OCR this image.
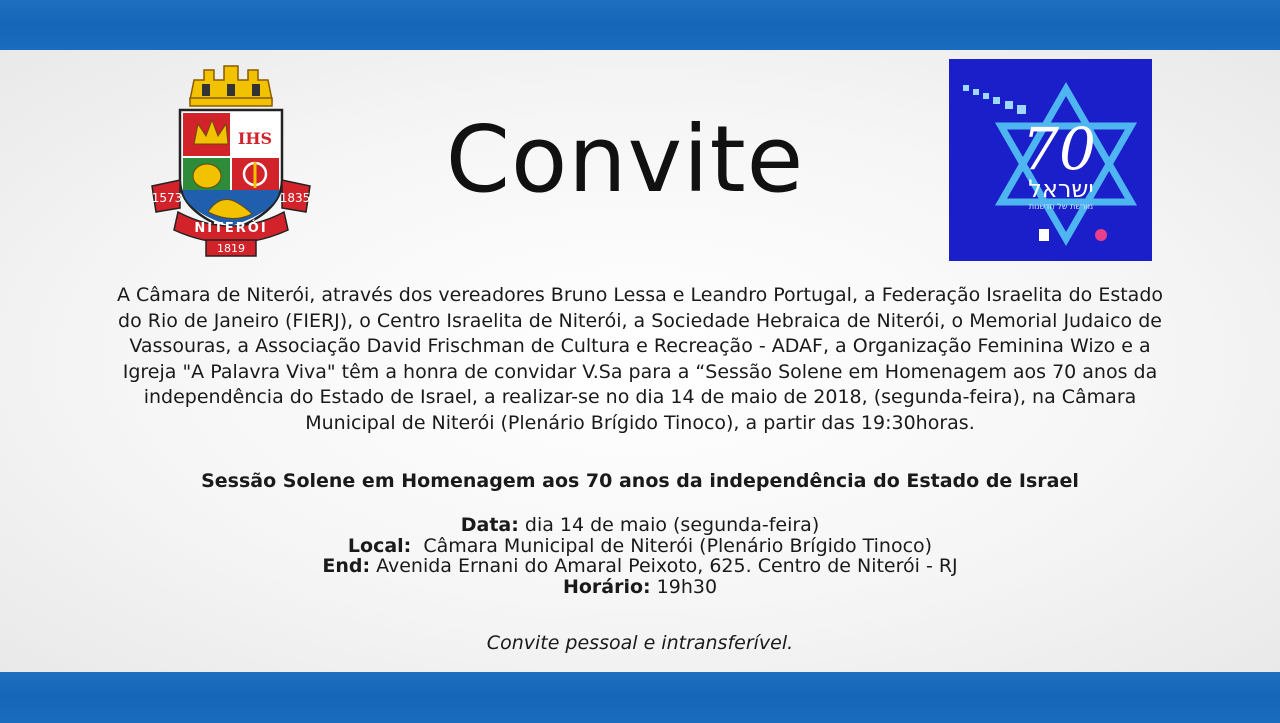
IHS
1573	1835
NITERÓI
1819
Convite	70
ישראל
מורשת של חדשנות
A Câmara de Niterói, através dos vereadores Bruno Lessa e Leandro Portugal, a Federação Israelita do Estado do Rio de Janeiro (FIERJ), o Centro Israelita de Niterói, a Sociedade Hebraica de Niterói, o Memorial Judaico de Vassouras, a Associação David Frischman de Cultura e Recreação - ADAF, a Organização Feminina Wizo e a Igreja "A Palavra Viva" têm a honra de convidar V.Sa para a “Sessão Solene em Homenagem aos 70 anos da independência do Estado de Israel, a realizar-se no dia 14 de maio de 2018, (segunda-feira), na Câmara Municipal de Niterói (Plenário Brígido Tinoco), a partir das 19:30horas.
Sessão Solene em Homenagem aos 70 anos da independência do Estado de Israel
Data: dia 14 de maio (segunda-feira)
Local:  Câmara Municipal de Niterói (Plenário Brígido Tinoco)
End: Avenida Ernani do Amaral Peixoto, 625. Centro de Niterói - RJ
Horário: 19h30
Convite pessoal e intransferível.
